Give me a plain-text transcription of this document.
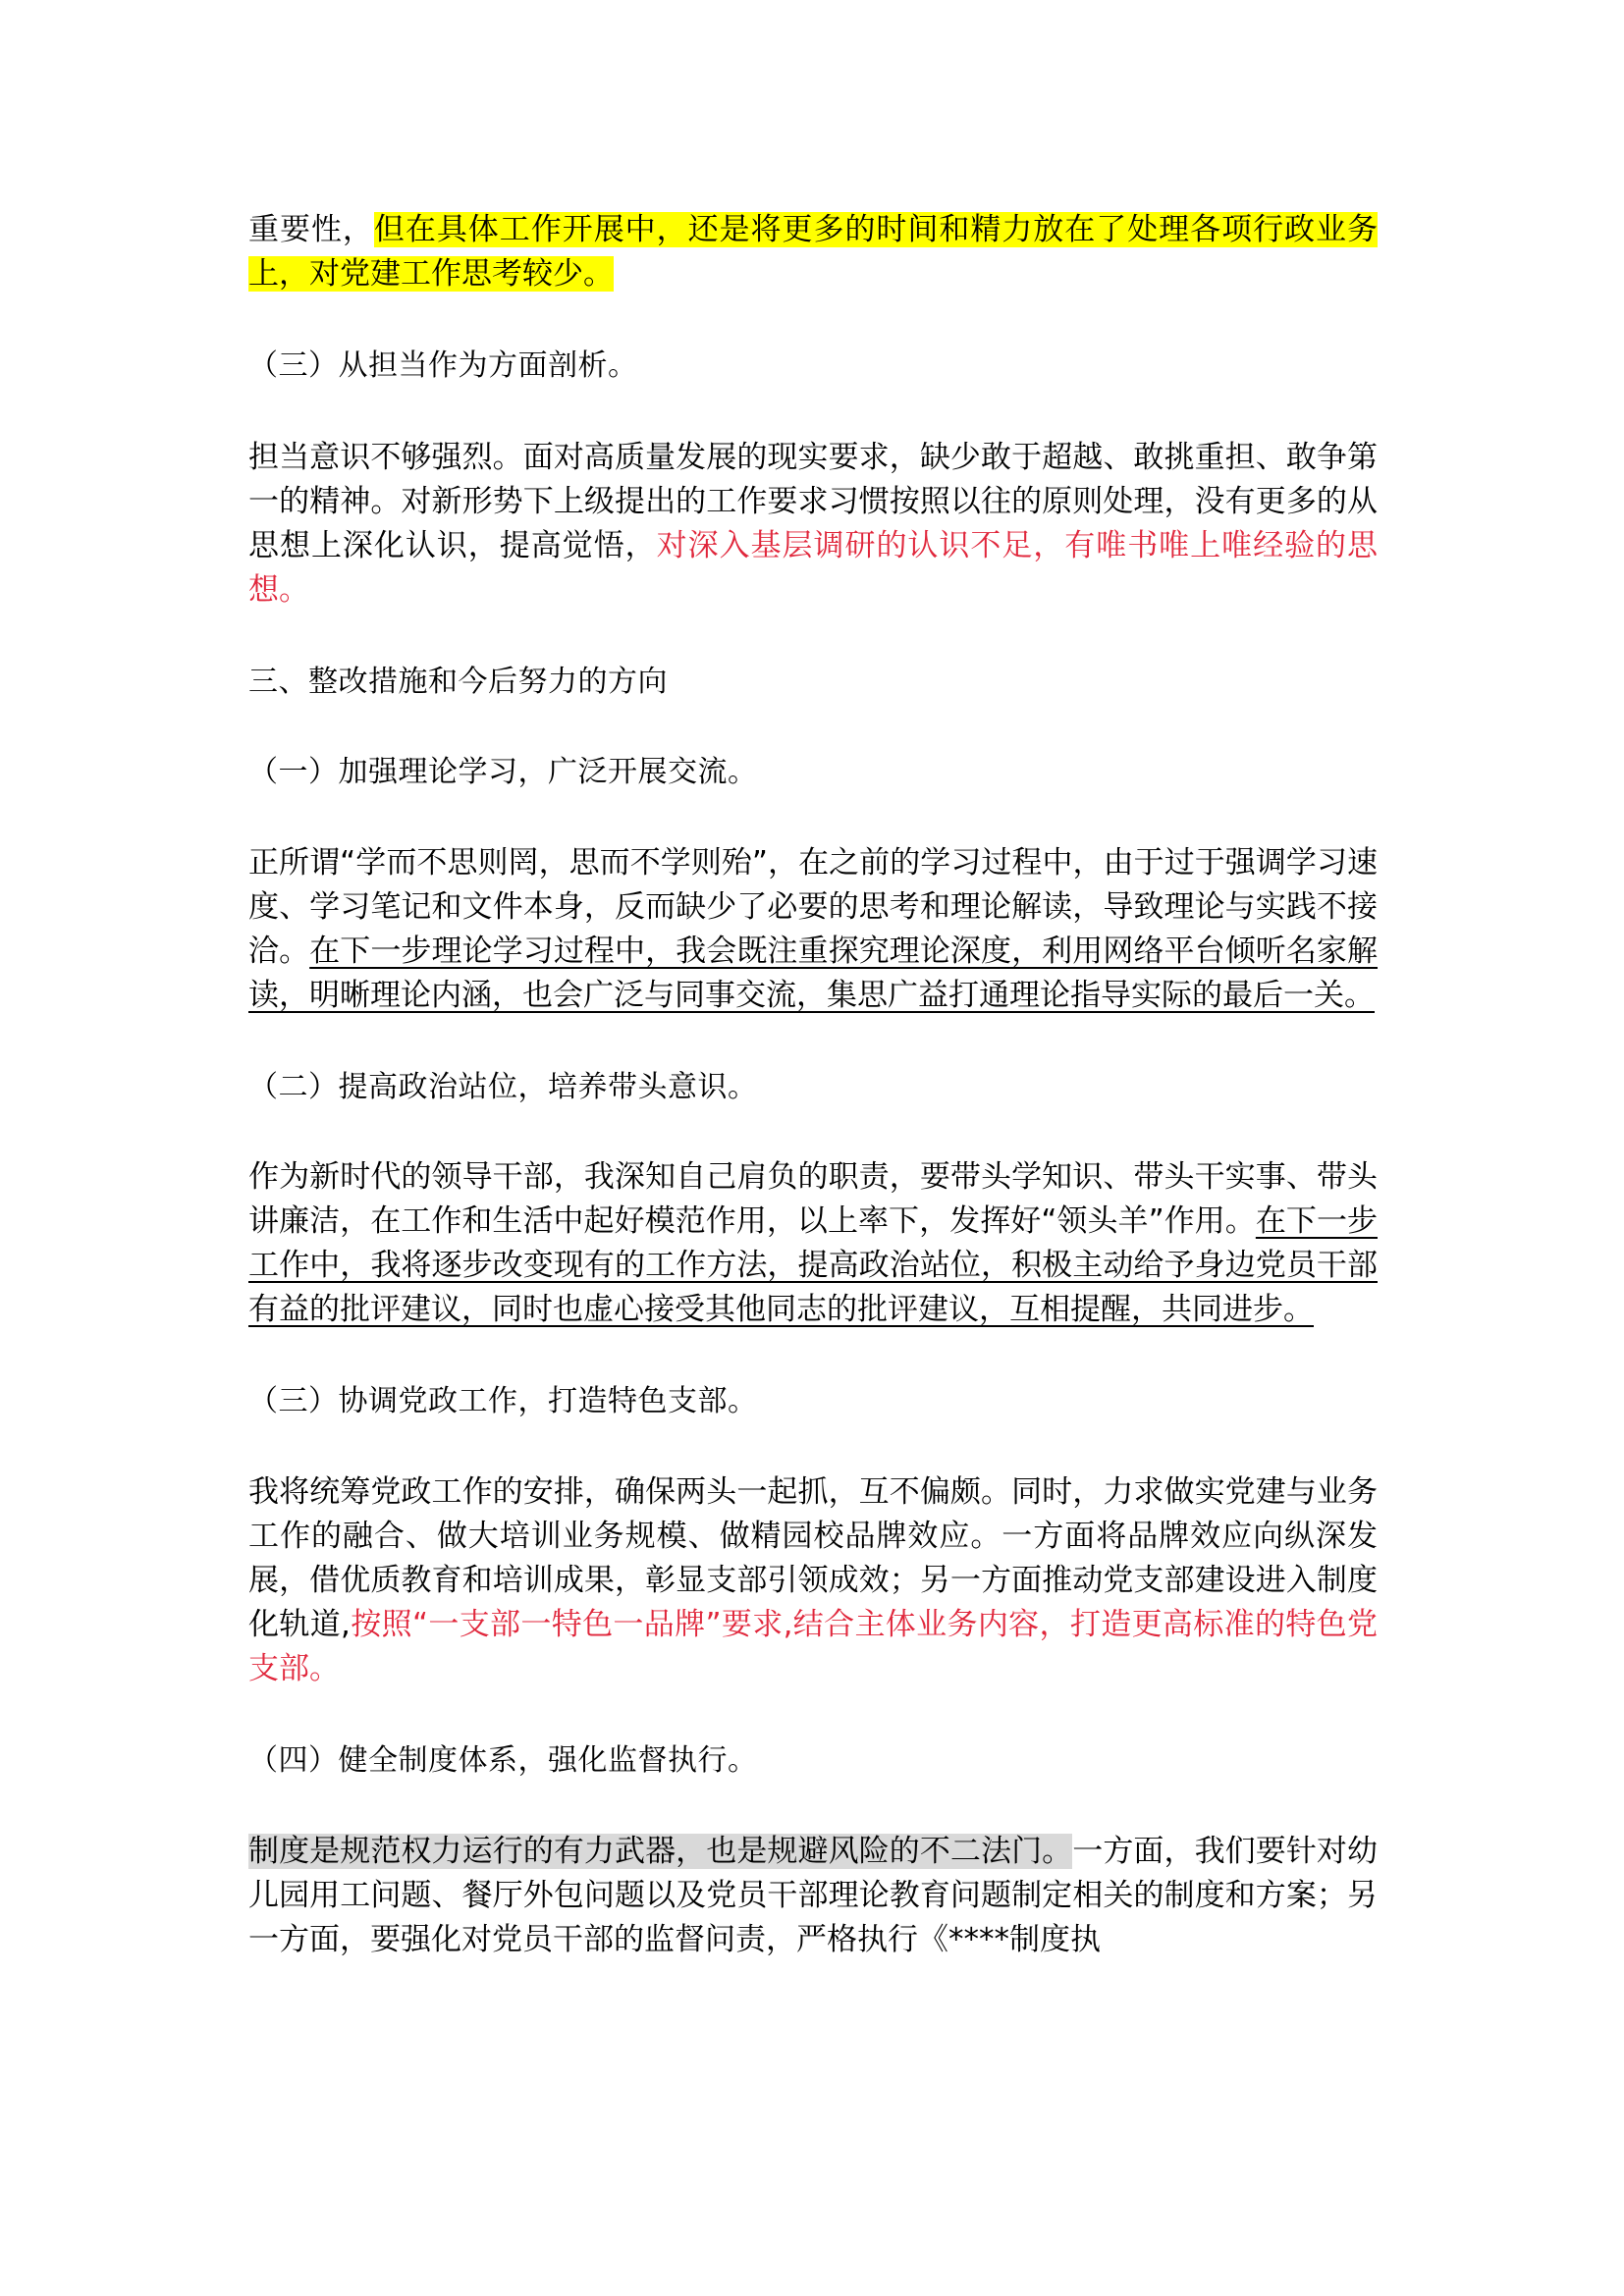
重要性，但在具体工作开展中，还是将更多的时间和精力放在了处理各项行政业务上，对党建工作思考较少。

（三）从担当作为方面剖析。

担当意识不够强烈。面对高质量发展的现实要求，缺少敢于超越、敢挑重担、敢争第一的精神。对新形势下上级提出的工作要求习惯按照以往的原则处理，没有更多的从思想上深化认识，提高觉悟，对深入基层调研的认识不足，有唯书唯上唯经验的思想。

三、整改措施和今后努力的方向

（一）加强理论学习，广泛开展交流。

正所谓“学而不思则罔，思而不学则殆”，在之前的学习过程中，由于过于强调学习速度、学习笔记和文件本身，反而缺少了必要的思考和理论解读，导致理论与实践不接洽。在下一步理论学习过程中，我会既注重探究理论深度，利用网络平台倾听名家解读，明晰理论内涵，也会广泛与同事交流，集思广益打通理论指导实际的最后一关。

（二）提高政治站位，培养带头意识。

作为新时代的领导干部，我深知自己肩负的职责，要带头学知识、带头干实事、带头讲廉洁，在工作和生活中起好模范作用，以上率下，发挥好“领头羊”作用。在下一步工作中，我将逐步改变现有的工作方法，提高政治站位，积极主动给予身边党员干部有益的批评建议，同时也虚心接受其他同志的批评建议，互相提醒，共同进步。

（三）协调党政工作，打造特色支部。

我将统筹党政工作的安排，确保两头一起抓，互不偏颇。同时，力求做实党建与业务工作的融合、做大培训业务规模、做精园校品牌效应。一方面将品牌效应向纵深发展，借优质教育和培训成果，彰显支部引领成效；另一方面推动党支部建设进入制度化轨道,按照“一支部一特色一品牌”要求,结合主体业务内容，打造更高标准的特色党支部。

（四）健全制度体系，强化监督执行。

制度是规范权力运行的有力武器，也是规避风险的不二法门。一方面，我们要针对幼儿园用工问题、餐厅外包问题以及党员干部理论教育问题制定相关的制度和方案；另一方面，要强化对党员干部的监督问责，严格执行《****制度执
